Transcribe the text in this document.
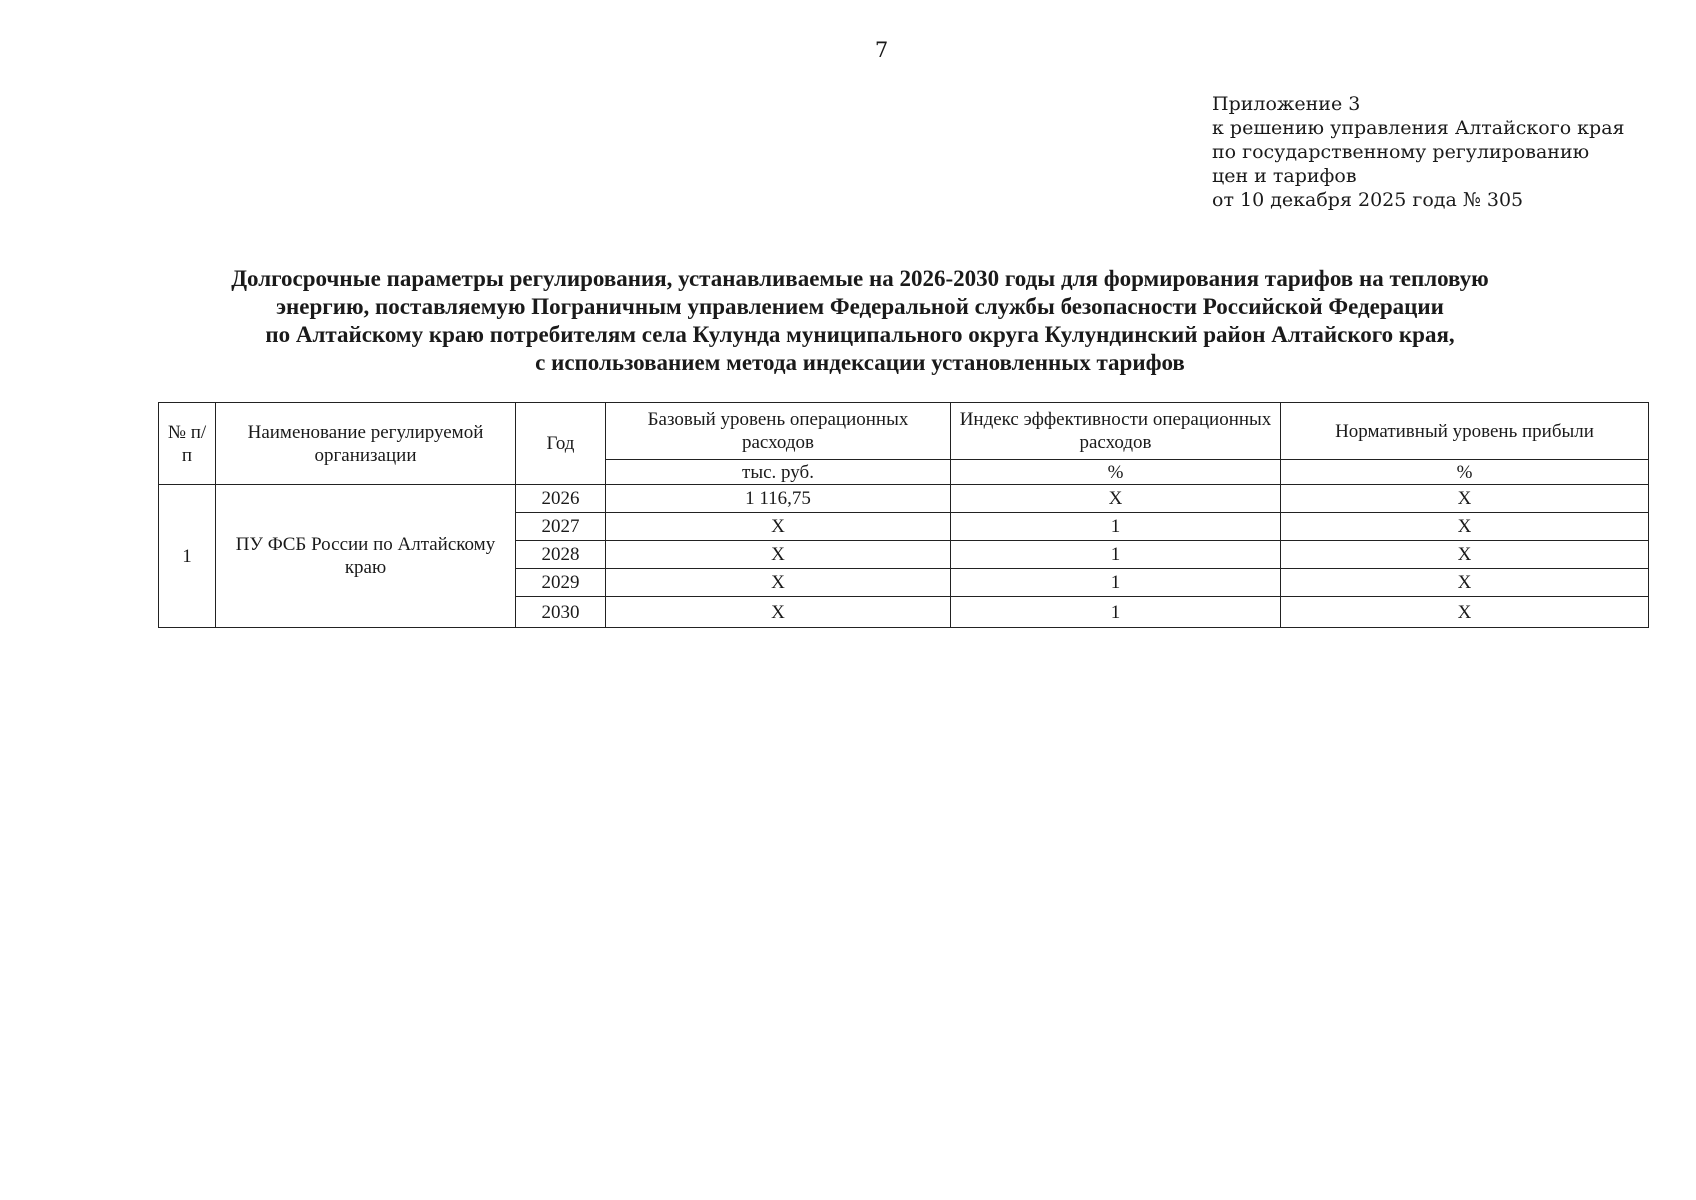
7
Приложение 3
к решению управления Алтайского края
по государственному регулированию
цен и тарифов
от 10 декабря 2025 года № 305
Долгосрочные параметры регулирования, устанавливаемые на 2026-2030 годы для формирования тарифов на тепловую
энергию, поставляемую Пограничным управлением Федеральной службы безопасности Российской Федерации
по Алтайскому краю потребителям села Кулунда муниципального округа Кулундинский район Алтайского края,
с использованием метода индексации установленных тарифов
№ п/п	Наименование регулируемой организации	Год	Базовый уровень операционных расходов	Индекс эффективности операционных расходов	Нормативный уровень прибыли
			тыс. руб.	%	%
1	ПУ ФСБ России по Алтайскому краю	2026	1 116,75	Х	Х
		2027	Х	1	Х
		2028	Х	1	Х
		2029	Х	1	Х
		2030	Х	1	Х
